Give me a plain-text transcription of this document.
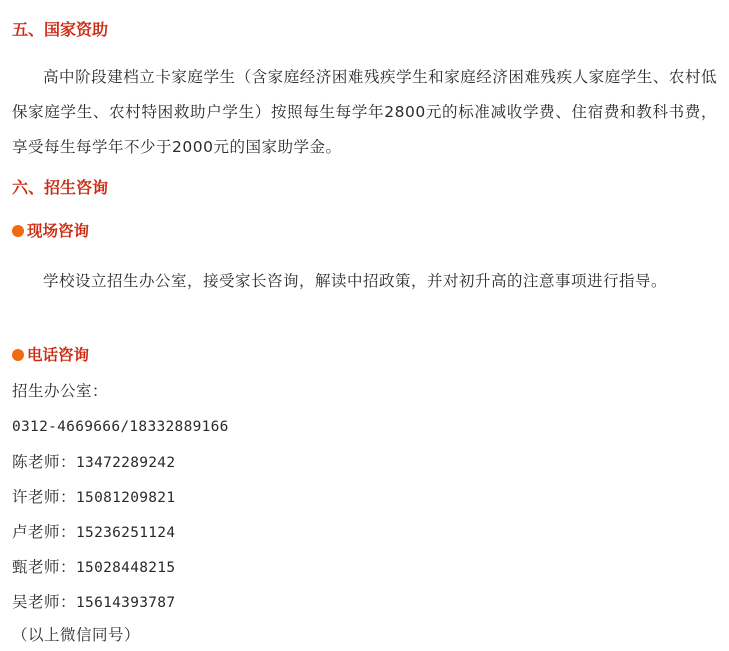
五、国家资助

高中阶段建档立卡家庭学生（含家庭经济困难残疾学生和家庭经济困难残疾人家庭学生、农村低保家庭学生、农村特困救助户学生）按照每生每学年2800元的标准减收学费、住宿费和教科书费，享受每生每学年不少于2000元的国家助学金。

六、招生咨询
现场咨询

学校设立招生办公室，接受家长咨询，解读中招政策，并对初升高的注意事项进行指导。

电话咨询
招生办公室：
0312-4669666/18332889166
陈老师：13472289242
许老师：15081209821
卢老师：15236251124
甄老师：15028448215
吴老师：15614393787
（以上微信同号）
